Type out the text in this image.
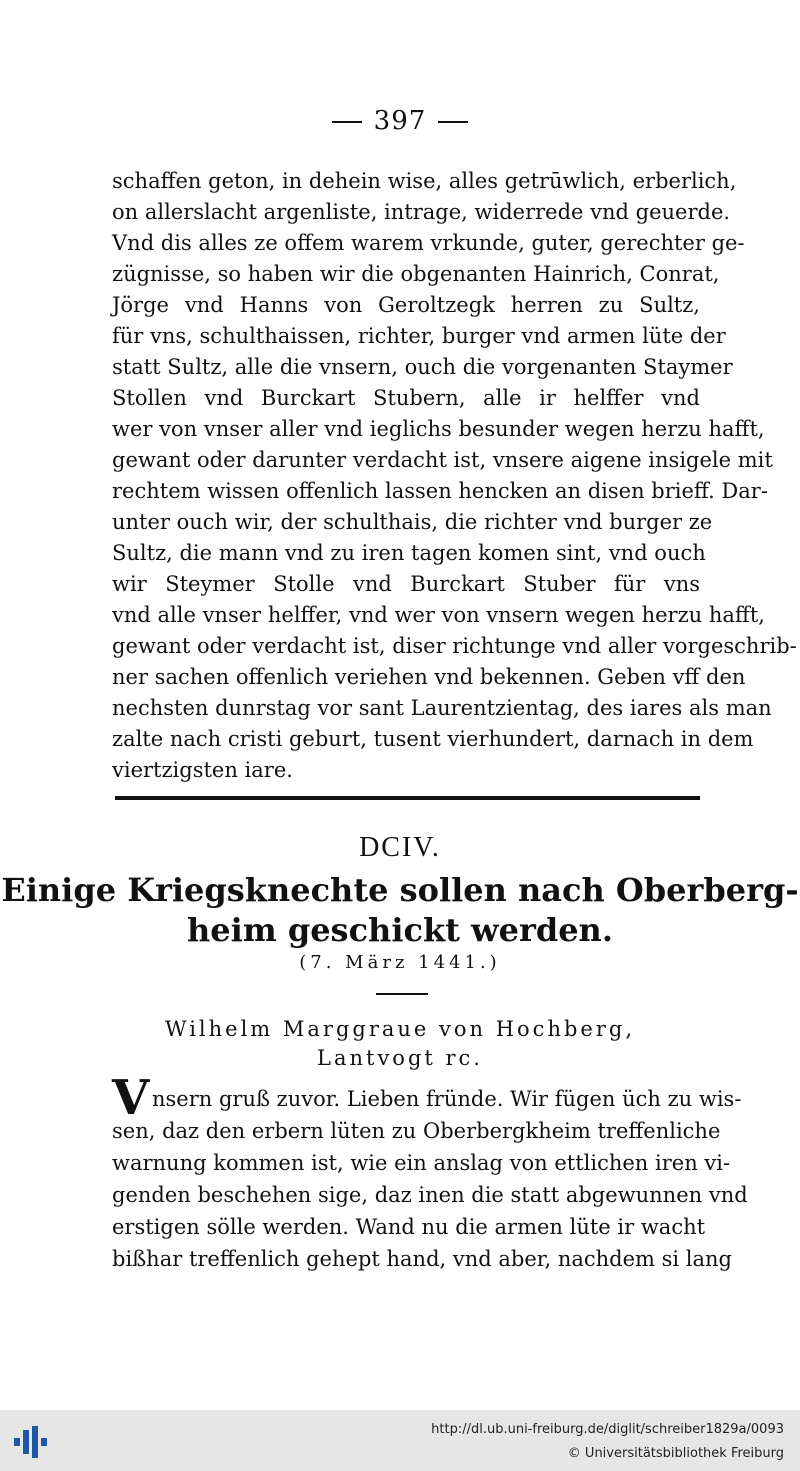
397
schaffen geton, in dehein wise, alles getrūwlich, erberlich,
on allerslacht argenliste, intrage, widerrede vnd geuerde.
Vnd dis alles ze offem warem vrkunde, guter, gerechter ge-
zügnisse, so haben wir die obgenanten Hainrich, Conrat,
Jörge vnd Hanns von Geroltzegk herren zu Sultz,
für vns, schulthaissen, richter, burger vnd armen lüte der
statt Sultz, alle die vnsern, ouch die vorgenanten Staymer
Stollen vnd Burckart Stubern, alle ir helffer vnd
wer von vnser aller vnd ieglichs besunder wegen herzu hafft,
gewant oder darunter verdacht ist, vnsere aigene insigele mit
rechtem wissen offenlich lassen hencken an disen brieff. Dar-
unter ouch wir, der schulthais, die richter vnd burger ze
Sultz, die mann vnd zu iren tagen komen sint, vnd ouch
wir Steymer Stolle vnd Burckart Stuber für vns
vnd alle vnser helffer, vnd wer von vnsern wegen herzu hafft,
gewant oder verdacht ist, diser richtunge vnd aller vorgeschrib-
ner sachen offenlich veriehen vnd bekennen. Geben vff den
nechsten dunrstag vor sant Laurentzientag, des iares als man
zalte nach cristi geburt, tusent vierhundert, darnach in dem
viertzigsten iare.
DCIV.
Einige Kriegsknechte sollen nach Oberberg-
heim geschickt werden.
(7. März 1441.)
Wilhelm Marggraue von Hochberg,
Lantvogt rc.
V nsern gruß zuvor. Lieben fründe. Wir fügen üch zu wis-
sen, daz den erbern lüten zu Oberbergkheim treffenliche
warnung kommen ist, wie ein anslag von ettlichen iren vi-
genden beschehen sige, daz inen die statt abgewunnen vnd
erstigen sölle werden. Wand nu die armen lüte ir wacht
bißhar treffenlich gehept hand, vnd aber, nachdem si lang
http://dl.ub.uni-freiburg.de/diglit/schreiber1829a/0093
© Universitätsbibliothek Freiburg
